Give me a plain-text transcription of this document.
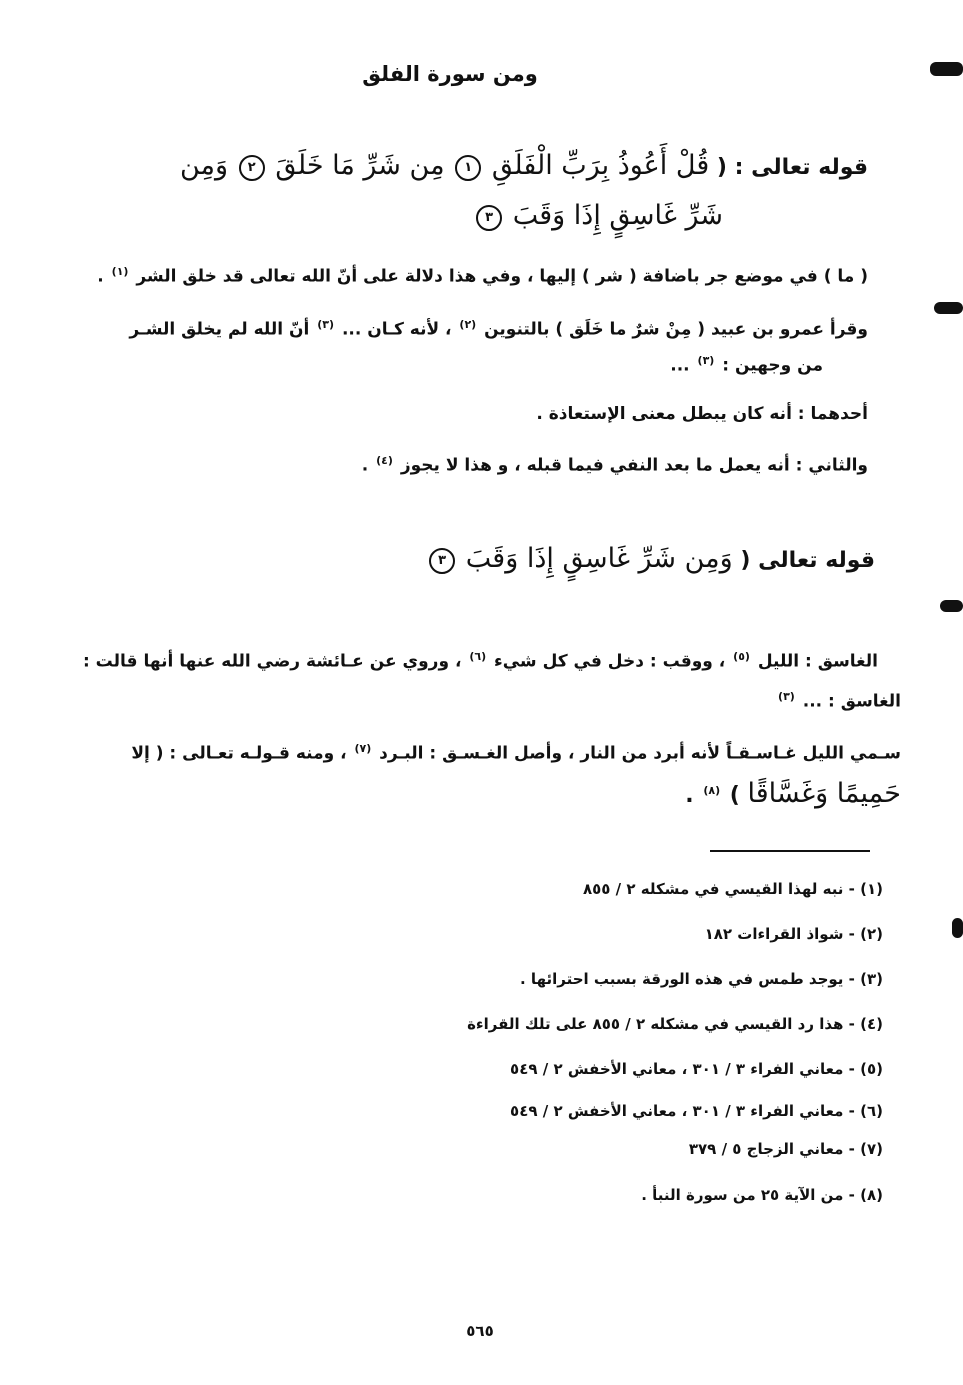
ومن سورة الفلق
قوله تعالى : ( قُلْ أَعُوذُ بِرَبِّ الْفَلَقِ ١ مِن شَرِّ مَا خَلَقَ ٢ وَمِن
شَرِّ غَاسِقٍ إِذَا وَقَبَ ٣
( ما ) في موضع جر باضافة ( شر ) إليها ، وفي هذا دلالة على أنّ الله تعالى قد خلق الشر $^{(١)}$ .
وقرأ عمرو بن عبيد ( مِنْ شرٌ ما خَلَق ) بالتنوين $^{(٢)}$ ، لأنه كـان ... $^{(٣)}$ أنّ الله لم يخلق الشـر
من وجهين : $^{(٣)}$ ...
أحدهما : أنه كان يبطل معنى الإستعاذة .
والثاني : أنه يعمل ما بعد النفي فيما قبله ، و هذا لا يجوز $^{(٤)}$ .
قوله تعالى ( وَمِن شَرِّ غَاسِقٍ إِذَا وَقَبَ ٣
الغاسق : الليل $^{(٥)}$ ، ووقب : دخل في كل شيء $^{(٦)}$ ، وروي عن عـائشة رضي الله عنها أنها قالت :
الغاسق : ... $^{(٣)}$
سـمي الليل غـاسـقـاً لأنه أبرد من النار ، وأصل الغـسـق : البـرد $^{(٧)}$ ، ومنه قـولـه تعـالى : ( إلا
حَمِيمًا وَغَسَّاقًا ) $^{(٨)}$ .
(١) - نبه لهذا القيسي في مشكله ٢ / ٨٥٥
(٢) - شواذ القراءات ١٨٢
(٣) - يوجد طمس في هذه الورقة بسبب احترائها .
(٤) - هذا رد القيسي في مشكله ٢ / ٨٥٥ على تلك القراءة
(٥) - معاني الفراء ٣ / ٣٠١ ، معاني الأخفش ٢ / ٥٤٩
(٦) - معاني الفراء ٣ / ٣٠١ ، معاني الأخفش ٢ / ٥٤٩
(٧) - معاني الزجاج ٥ / ٣٧٩
(٨) - من الآية ٢٥ من سورة النبأ .
٥٦٥
